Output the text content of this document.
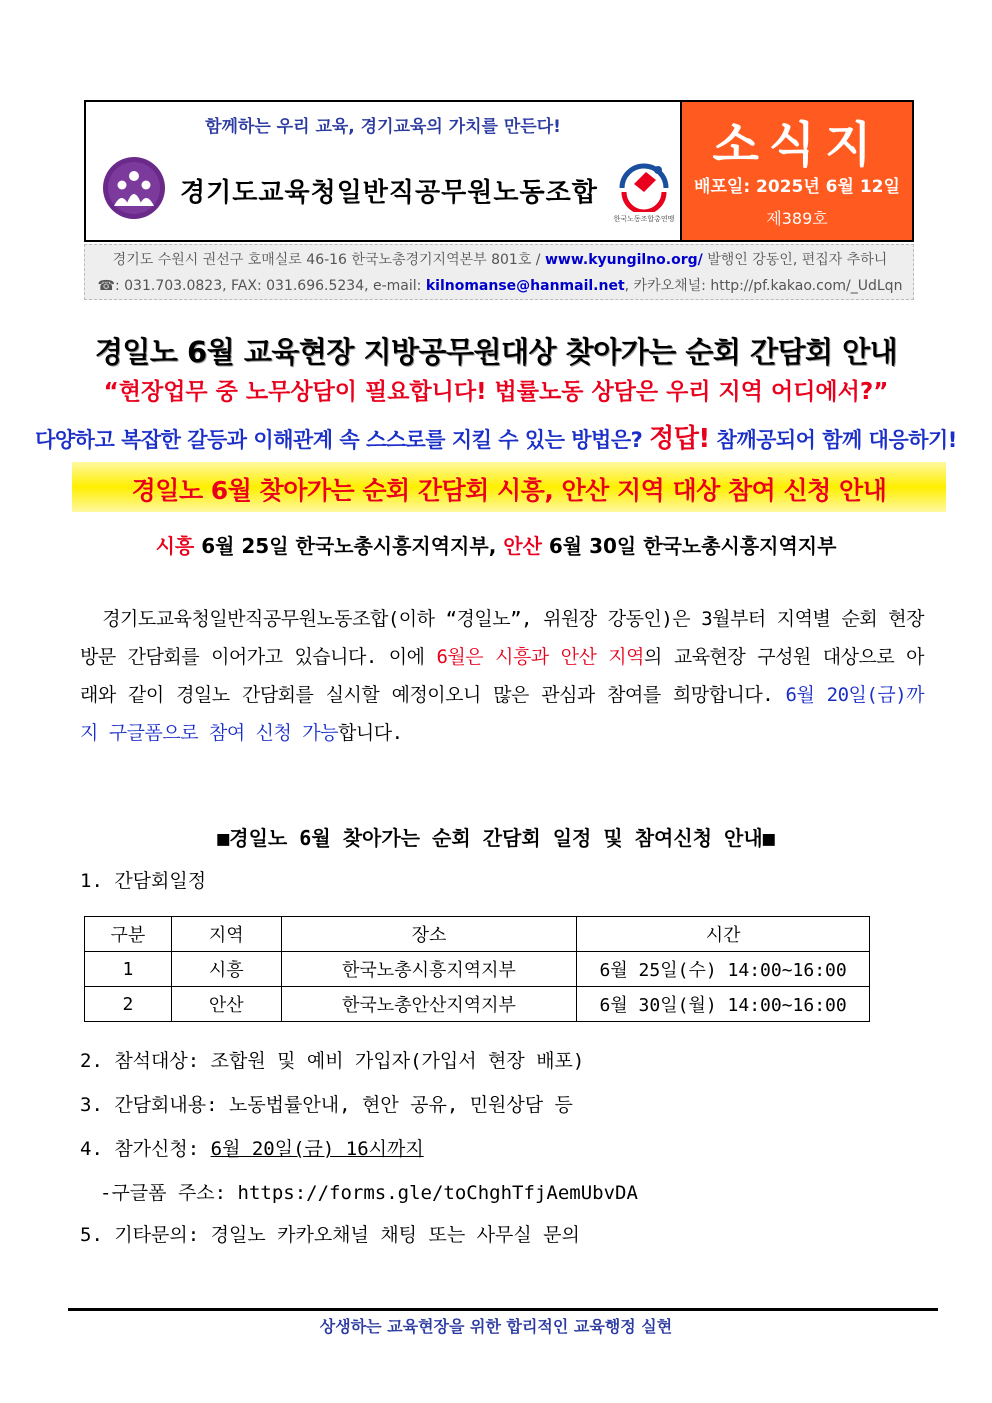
함께하는 우리 교육, 경기교육의 가치를 만든다!
경기도교육청일반직공무원노동조합
한국노동조합총연맹
소식지
배포일: 2025년 6월 12일
제389호
경기도 수원시 권선구 호매실로 46-16 한국노총경기지역본부 801호 / www.kyungilno.org/ 발행인 강동인, 편집자 추하니
☎: 031.703.0823, FAX: 031.696.5234, e-mail: kilnomanse@hanmail.net, 카카오채널: http://pf.kakao.com/_UdLqn
경일노 6월 교육현장 지방공무원대상 찾아가는 순회 간담회 안내
“현장업무 중 노무상담이 필요합니다! 법률노동 상담은 우리 지역 어디에서?”
다양하고 복잡한 갈등과 이해관계 속 스스로를 지킬 수 있는 방법은? 정답! 참깨공되어 함께 대응하기!
경일노 6월 찾아가는 순회 간담회 시흥, 안산 지역 대상 참여 신청 안내
시흥 6월 25일 한국노총시흥지역지부, 안산 6월 30일 한국노총시흥지역지부
경기도교육청일반직공무원노동조합(이하 “경일노”, 위원장 강동인)은 3월부터 지역별 순회 현장방문 간담회를 이어가고 있습니다. 이에 6월은 시흥과 안산 지역의 교육현장 구성원 대상으로 아래와 같이 경일노 간담회를 실시할 예정이오니 많은 관심과 참여를 희망합니다. 6월 20일(금)까지 구글폼으로 참여 신청 가능합니다.
■경일노 6월 찾아가는 순회 간담회 일정 및 참여신청 안내■
1. 간담회일정
구분	지역	장소	시간
1	시흥	한국노총시흥지역지부	6월 25일(수) 14:00~16:00
2	안산	한국노총안산지역지부	6월 30일(월) 14:00~16:00
2. 참석대상: 조합원 및 예비 가입자(가입서 현장 배포)
3. 간담회내용: 노동법률안내, 현안 공유, 민원상담 등
4. 참가신청: 6월 20일(금) 16시까지
-구글폼 주소: https://forms.gle/toChghTfjAemUbvDA
5. 기타문의: 경일노 카카오채널 채팅 또는 사무실 문의
상생하는 교육현장을 위한 합리적인 교육행정 실현
